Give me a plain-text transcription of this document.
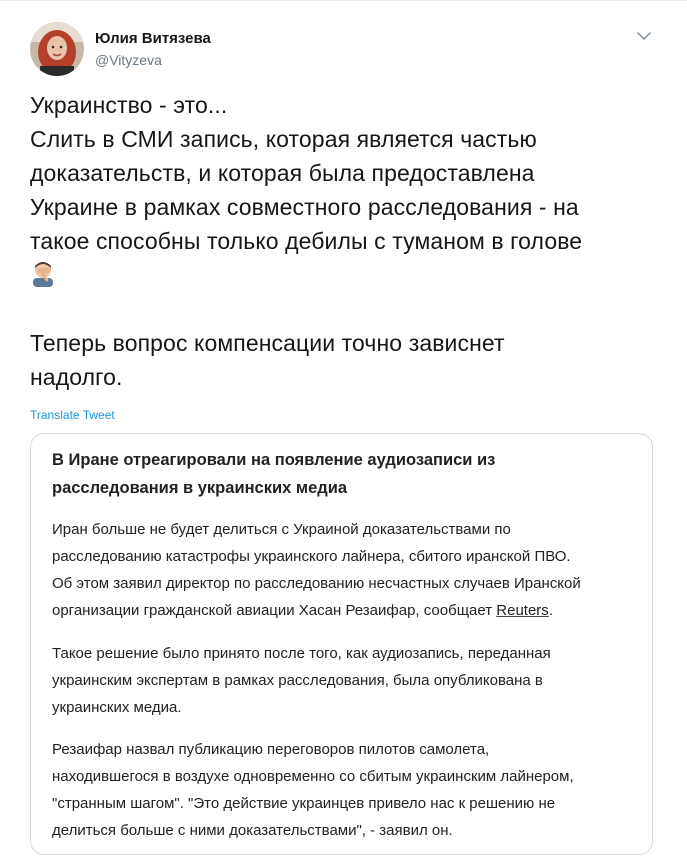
Юлия Витязева
@Vityzeva
Украинство - это...
Слить в СМИ запись, которая является частью
доказательств, и которая была предоставлена
Украине в рамках совместного расследования - на
такое способны только дебилы с туманом в голове
Теперь вопрос компенсации точно зависнет
надолго.
Translate Tweet
В Иране отреагировали на появление аудиозаписи из
расследования в украинских медиа
Иран больше не будет делиться с Украиной доказательствами по
расследованию катастрофы украинского лайнера, сбитого иранской ПВО.
Об этом заявил директор по расследованию несчастных случаев Иранской
организации гражданской авиации Хасан Резаифар, сообщает Reuters.
Такое решение было принято после того, как аудиозапись, переданная
украинским экспертам в рамках расследования, была опубликована в
украинских медиа.
Резаифар назвал публикацию переговоров пилотов самолета,
находившегося в воздухе одновременно со сбитым украинским лайнером,
"странным шагом". "Это действие украинцев привело нас к решению не
делиться больше с ними доказательствами", - заявил он.
